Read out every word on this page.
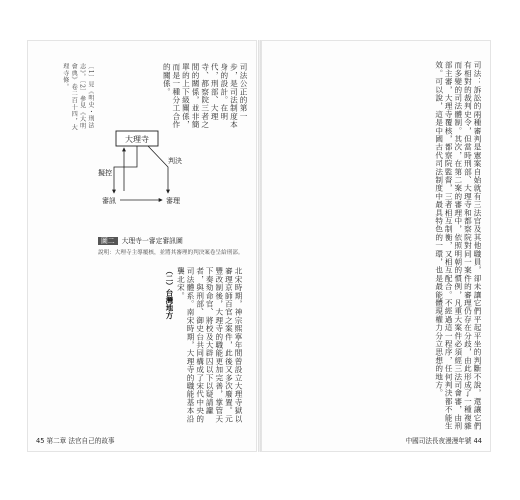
司法：訴訟的兩種審判是憲案自始就有三法官及其他職員，卻未讓它們平起平坐的判斷不說，還讓它們有相對的裁判史令，但當時刑部、大理寺和都察院對同一案件的審理仍存在分歧，由此形成了一種複雜而多變的司法體制。其次，在第二案的審理中，依照明朝的慣例，凡重大案件必須經三法司會審，由刑部主審，大理寺覆核，都察院監督，三者相互制衡，又相互配合。不經過這一程序，任何判決都不能生效。可以說，這是中國古代司法制度中最具特色的一環，也是最能體現權力分立思想的地方。
中國司法長夜漫漫年號 44
司法公正的第一步，是司法制度本身的設計。在明代，刑部、大理寺、都察院三者之間的關係，並非簡單的上下級關係，而是一種分工合作的關係。
〔1〕見《明史・刑法志》。〔2〕參見《大明會典》卷二百十四，大理寺條。
大理寺
擬控
判決
審訊	審理
圖二 大理寺一審定審訊圖
說明：大理寺主導覆核，並將其審理的判決案卷呈給刑部。
（二）台灣地方	北宋時期，神宗熙寧年間曾設立大理寺獄以審理京師百官之案件，此後又多次廢置。元豐改制後，大理寺的職能更加完善，掌管天下奏劾命官、將校及大辟囚以下以疑請讞者，與刑部、御史台共同構成了宋代中央的司法體系。南宋時期，大理寺的職能基本沿襲北宋。
45 第二章 法官自己的故事
